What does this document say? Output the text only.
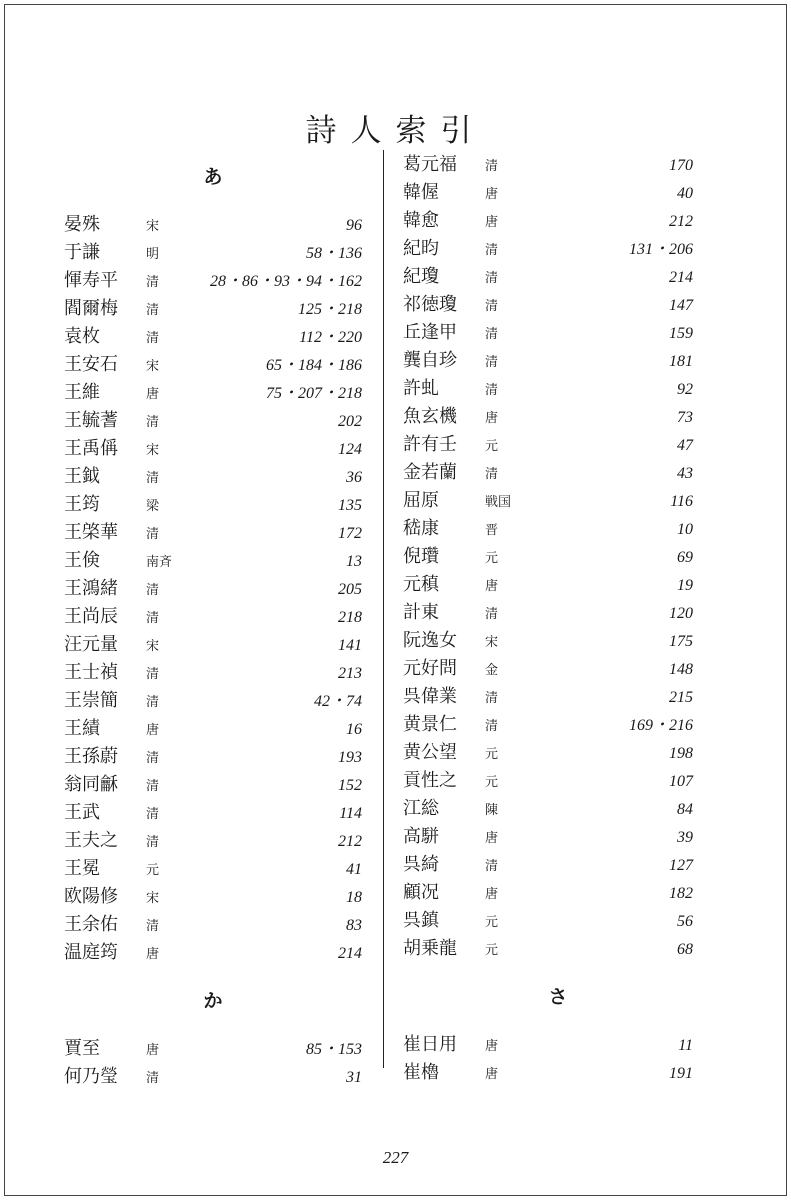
詩人索引
あ
晏殊	宋	96
于謙	明	58・136
惲寿平	清	28・86・93・94・162
閻爾梅	清	125・218
袁枚	清	112・220
王安石	宋	65・184・186
王維	唐	75・207・218
王毓蓍	清	202
王禹偁	宋	124
王鉞	清	36
王筠	梁	135
王棨華	清	172
王倹	南斉	13
王鴻緒	清	205
王尚辰	清	218
汪元量	宋	141
王士禎	清	213
王崇簡	清	42・74
王績	唐	16
王孫蔚	清	193
翁同龢	清	152
王武	清	114
王夫之	清	212
王冕	元	41
欧陽修	宋	18
王余佑	清	83
温庭筠	唐	214
か
賈至	唐	85・153
何乃瑩	清	31
葛元福	清	170
韓偓	唐	40
韓愈	唐	212
紀昀	清	131・206
紀瓊	清	214
祁徳瓊	清	147
丘逢甲	清	159
龔自珍	清	181
許虬	清	92
魚玄機	唐	73
許有壬	元	47
金若蘭	清	43
屈原	戦国	116
嵇康	晋	10
倪瓚	元	69
元稹	唐	19
計東	清	120
阮逸女	宋	175
元好問	金	148
呉偉業	清	215
黄景仁	清	169・216
黄公望	元	198
貢性之	元	107
江総	陳	84
高駢	唐	39
呉綺	清	127
顧况	唐	182
呉鎮	元	56
胡乗龍	元	68
さ
崔日用	唐	11
崔櫓	唐	191
227
